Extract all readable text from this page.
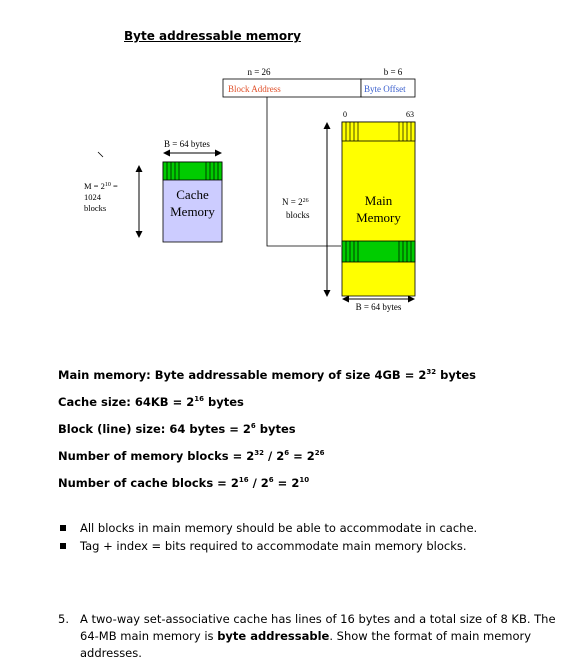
Byte addressable memory
n = 26	b = 6
Block Address	Byte Offset
$M = 2^{10}$ =
1024
blocks
B = 64 bytes
Cache
Memory
0	63
$N = 2^{26}$
blocks
Main
Memory
B = 64 bytes
Main memory: Byte addressable memory of size $4GB = 2^{32}$ bytes
Cache size: $64KB = 2^{16}$ bytes
Block (line) size: 64 bytes = $2^6$ bytes
Number of memory blocks = $2^{32} / 2^6 = 2^{26}$
Number of cache blocks = $2^{16} / 2^6 = 2^{10}$
All blocks in main memory should be able to accommodate in cache.
Tag + index = bits required to accommodate main memory blocks.
5. A two-way set-associative cache has lines of 16 bytes and a total size of 8 KB. The 64-MB main memory is byte addressable. Show the format of main memory addresses.
